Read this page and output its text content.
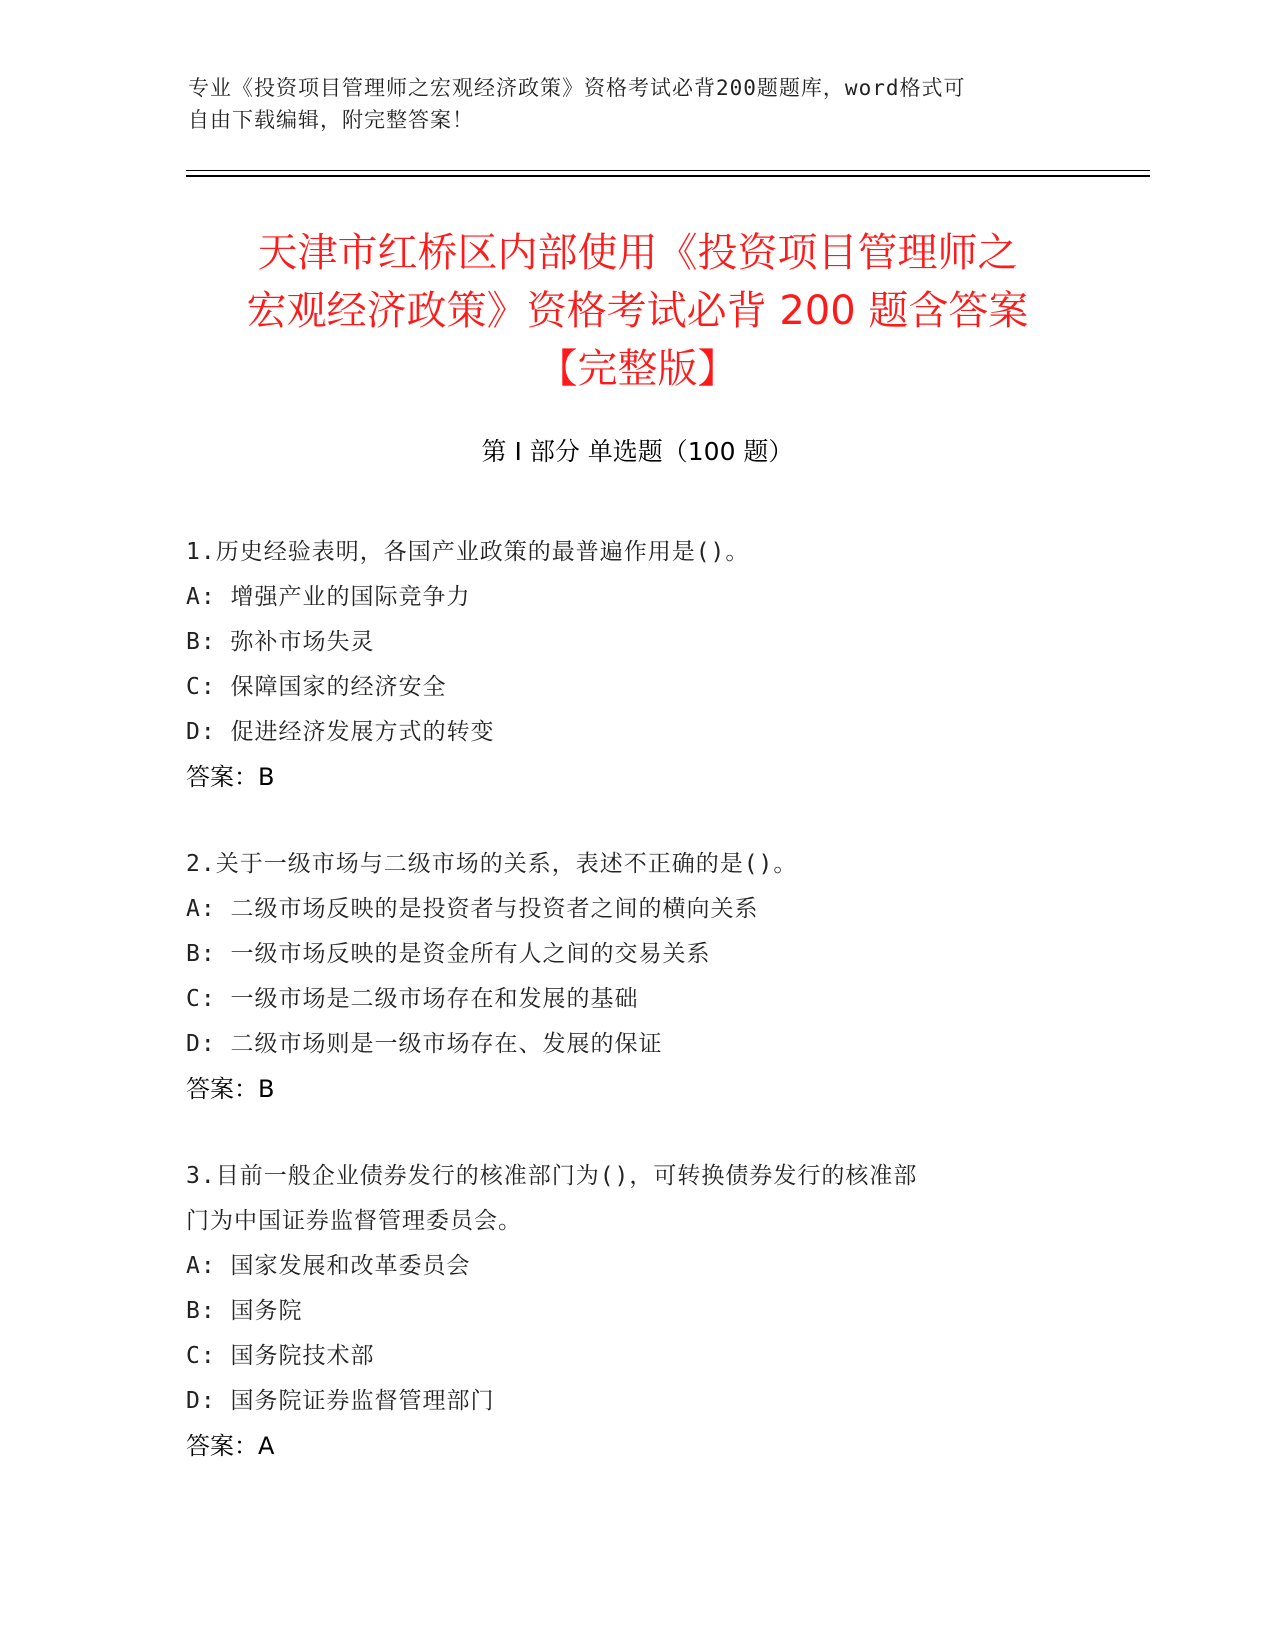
专业《投资项目管理师之宏观经济政策》资格考试必背200题题库，word格式可
自由下载编辑，附完整答案！
天津市红桥区内部使用《投资项目管理师之
宏观经济政策》资格考试必背 200 题含答案
【完整版】
第 I 部分 单选题（100 题）
1.历史经验表明，各国产业政策的最普遍作用是()。
A: 增强产业的国际竞争力
B: 弥补市场失灵
C: 保障国家的经济安全
D: 促进经济发展方式的转变
答案：B
2.关于一级市场与二级市场的关系，表述不正确的是()。
A: 二级市场反映的是投资者与投资者之间的横向关系
B: 一级市场反映的是资金所有人之间的交易关系
C: 一级市场是二级市场存在和发展的基础
D: 二级市场则是一级市场存在、发展的保证
答案：B
3.目前一般企业债券发行的核准部门为()，可转换债券发行的核准部
门为中国证券监督管理委员会。
A: 国家发展和改革委员会
B: 国务院
C: 国务院技术部
D: 国务院证券监督管理部门
答案：A
